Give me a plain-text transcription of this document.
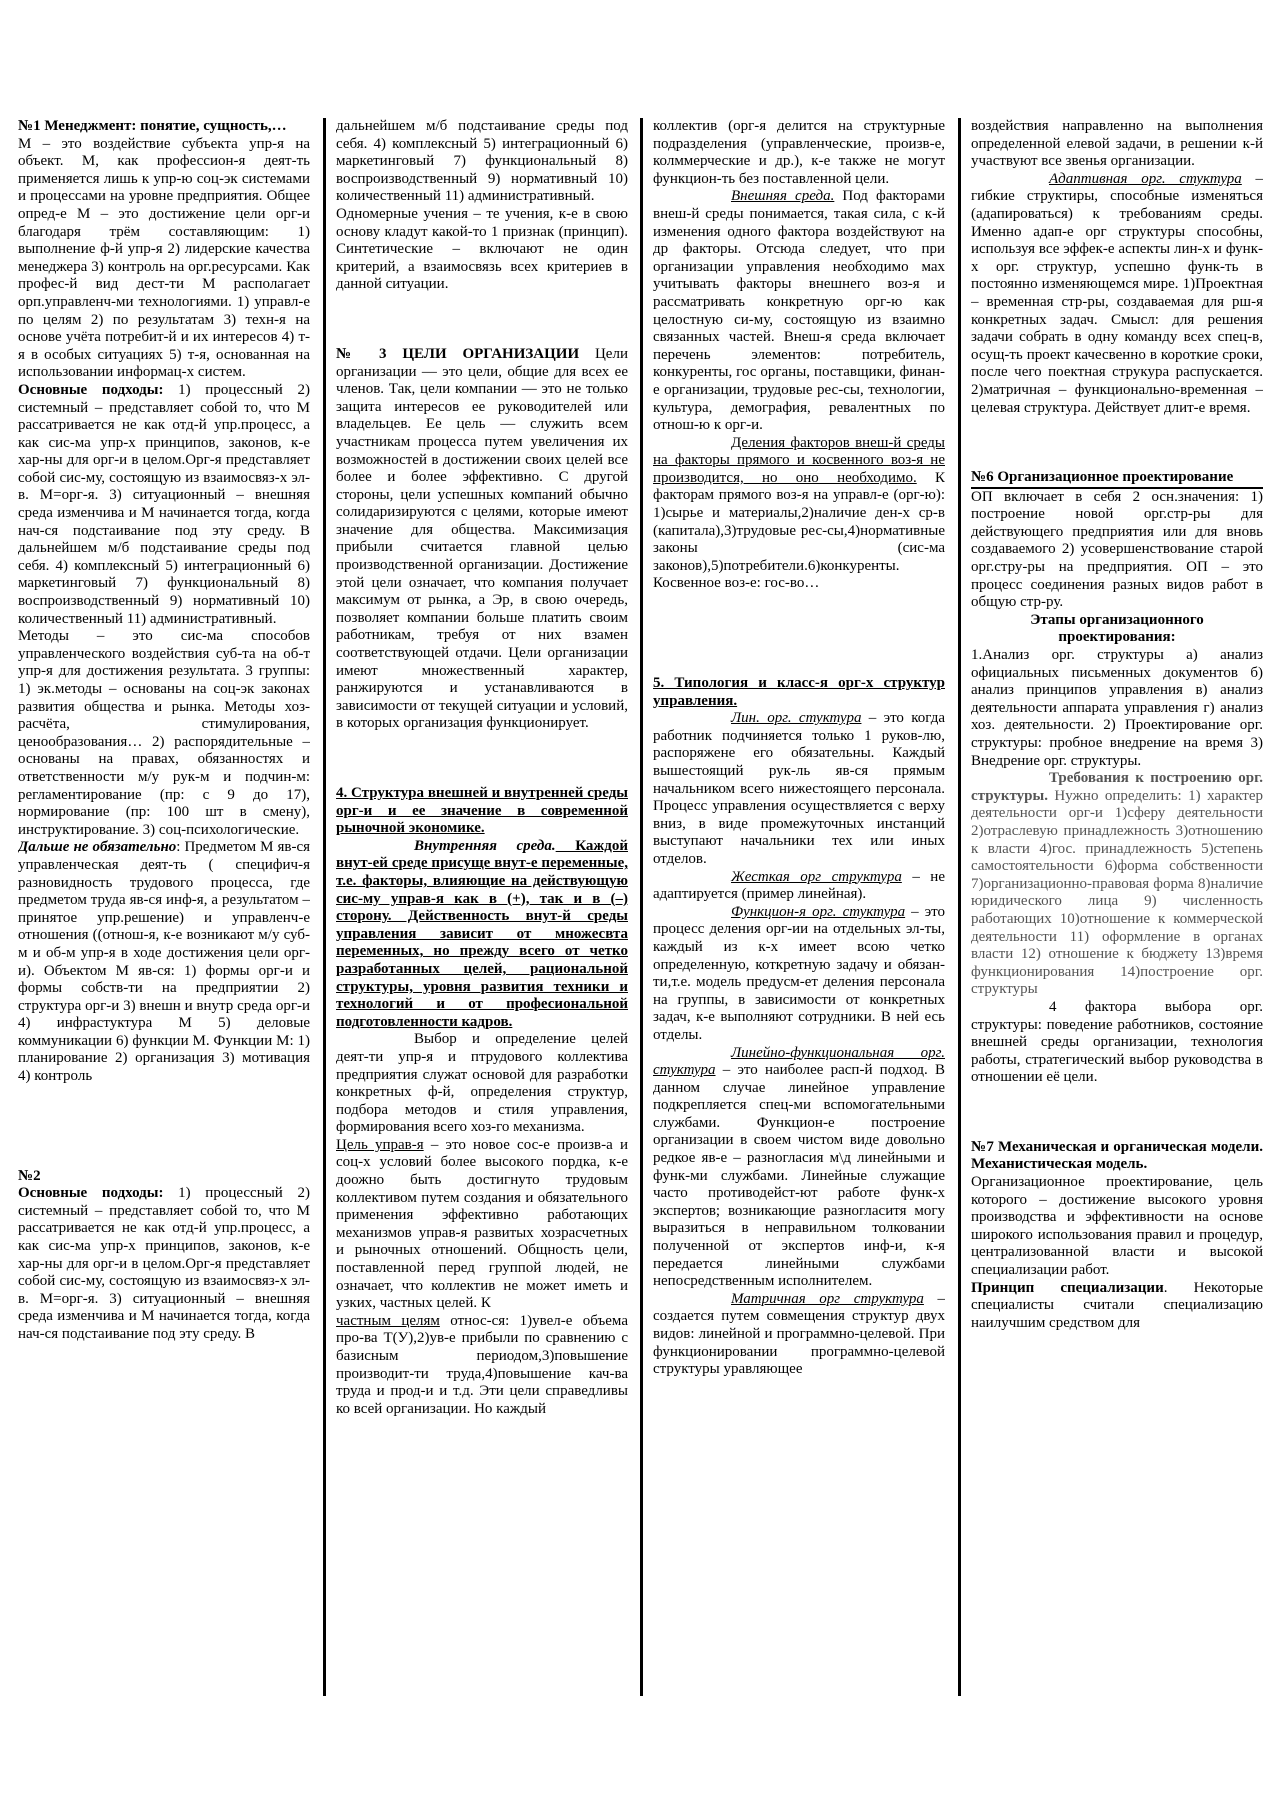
№1 Менеджмент: понятие, сущность,…

М – это воздействие субъекта упр-я на объект. М, как профессион-я деят-ть применяется лишь к упр-ю соц-эк системами и процессами на уровне предприятия. Общее опред-е М – это достижение цели орг-и благодаря трём составляющим: 1) выполнение ф-й упр-я 2) лидерские качества менеджера 3) контроль на орг.ресурсами. Как профес-й вид дест-ти М располагает орп.управленч-ми технологиями. 1) управл-е по целям 2) по результатам 3) техн-я на основе учёта потребит-й и их интересов 4) т-я в особых ситуациях 5) т-я, основанная на использовании информац-х систем.

Основные подходы: 1) процессный 2) системный – представляет собой то, что М рассатривается не как отд-й упр.процесс, а как сис-ма упр-х принципов, законов, к-е хар-ны для орг-и в целом.Орг-я представляет собой сис-му, состоящую из взаимосвяз-х эл-в. М=орг-я. 3) ситуационный – внешняя среда изменчива и М начинается тогда, когда нач-ся подстаивание под эту среду. В дальнейшем м/б подстаивание среды под себя. 4) комплексный 5) интеграционный 6) маркетинговый 7) функциональный 8) воспроизводственный 9) нормативный 10) количественный 11) административный.

Методы – это сис-ма способов управленческого воздействия суб-та на об-т упр-я для достижения результата. 3 группы: 1) эк.методы – основаны на соц-эк законах развития общества и рынка. Методы хоз-расчёта, стимулирования, ценообразования… 2) распорядительные – основаны на правах, обязанностях и ответственности м/у рук-м и подчин-м: регламентирование (пр: с 9 до 17), нормирование (пр: 100 шт в смену), инструктирование. 3) соц-психологические.

Дальше не обязательно: Предметом М яв-ся управленческая деят-ть ( специфич-я разновидность трудового процесса, где предметом труда яв-ся инф-я, а результатом – принятое упр.решение) и управленч-е отношения ((отнош-я, к-е возникают м/у суб-м и об-м упр-я в ходе достижения цели орг-и). Объектом М яв-ся: 1) формы орг-и и формы собств-ти на предприятии 2) структура орг-и 3) внешн и внутр среда орг-и 4) инфрастуктура М 5) деловые коммуникации 6) функции М. Функции М: 1) планирование 2) организация 3) мотивация 4) контроль

№2

Основные подходы: 1) процессный 2) системный – представляет собой то, что М рассатривается не как отд-й упр.процесс, а как сис-ма упр-х принципов, законов, к-е хар-ны для орг-и в целом.Орг-я представляет собой сис-му, состоящую из взаимосвяз-х эл-в. М=орг-я. 3) ситуационный – внешняя среда изменчива и М начинается тогда, когда нач-ся подстаивание под эту среду. В

дальнейшем м/б подстаивание среды под себя. 4) комплексный 5) интеграционный 6) маркетинговый 7) функциональный 8) воспроизводственный 9) нормативный 10) количественный 11) административный.

Одномерные учения – те учения, к-е в свою основу кладут какой-то 1 признак (принцип). Синтетические – включают не один критерий, а взаимосвязь всех критериев в данной ситуации.

№ 3 ЦЕЛИ ОРГАНИЗАЦИИ Цели организации — это цели, общие для всех ее членов. Так, цели компании — это не только защита интересов ее руководителей или владельцев. Ее цель — служить всем участникам процесса путем увеличения их возможностей в достижении своих целей все более и более эффективно. С другой стороны, цели успешных компаний обычно солидаризируются с целями, которые имеют значение для общества. Максимизация прибыли считается главной целью производственной организации. Достижение этой цели означает, что компания получает максимум от рынка, а Эр, в свою очередь, позволяет компании больше платить своим работникам, требуя от них взамен соответствующей отдачи. Цели организации имеют множественный характер, ранжируются и устанавливаются в зависимости от текущей ситуации и условий, в которых организация функционирует.

4. Структура внешней и внутренней среды орг-и и ее значение в современной рыночной экономике.

Внутренняя среда. Каждой внут-ей среде присуще внут-е переменные, т.е. факторы, влияющие на действующую сис-му управ-я как в (+), так и в (–) сторону. Действенность внут-й среды управления зависит от множесвта переменных, но прежду всего от четко разработанных целей, рациональной структуры, уровня развития техники и технологий и от професиональной подготовленности кадров.

Выбор и определение целей деят-ти упр-я и птрудового коллектива предприятия служат основой для разработки конкретных ф-й, определения структур, подбора методов и стиля управления, формирования всего хоз-го механизма.

Цель управ-я – это новое сос-е произв-а и соц-х условий более высокого пордка, к-е доожно быть достигнуто трудовым коллективом путем создания и обязательного применения эффективно работающих механизмов управ-я развитых хозрасчетных и рыночных отношений. Общность цели, поставленной перед группой людей, не означает, что коллектив не может иметь и узких, частных целей. К

частным целям относ-ся: 1)увел-е объема про-ва Т(У),2)ув-е прибыли по сравнению с базисным периодом,3)повышение производит-ти труда,4)повышение кач-ва труда и прод-и и т.д. Эти цели справедливы ко всей организации. Но каждый

коллектив (орг-я делится на структурные подразделения (управленческие, произв-е, колммерческие и др.), к-е также не могут функцион-ть без поставленной цели.

Внешняя среда. Под факторами внеш-й среды понимается, такая сила, с к-й изменения одного фактора воздействуют на др факторы. Отсюда следует, что при организации управления необходимо мах учитывать факторы внешнего воз-я и рассматривать конкретную орг-ю как целостную си-му, состоящую из взаимно связанных частей. Внеш-я среда включает перечень элементов: потребитель, конкуренты, гос органы, поставщики, финан-е организации, трудовые рес-сы, технологии, культура, демография, ревалентных по отнош-ю к орг-и.

Деления факторов внеш-й среды на факторы прямого и косвенного воз-я не производится, но оно необходимо. К факторам прямого воз-я на управл-е (орг-ю): 1)сырье и материалы,2)наличие ден-х ср-в (капитала),3)трудовые рес-сы,4)нормативные законы (сис-ма законов),5)потребители.6)конкуренты. Косвенное воз-е: гос-во…

5. Типология и класс-я орг-х структур управления.

Лин. орг. стуктура – это когда работник подчиняется только 1 руков-лю, распоряжене его обязательны. Каждый вышестоящий рук-ль яв-ся прямым начальником всего нижестоящего персонала. Процесс управления осуществляется с верху вниз, в виде промежуточных инстанций выступают начальники тех или иных отделов.

Жесткая орг структура – не адаптируется (пример линейная).

Функцион-я орг. стуктура – это процесс деления орг-ии на отдельных эл-ты, каждый из к-х имеет всою четко определенную, коткретную задачу и обязан-ти,т.е. модель предусм-ет деления персонала на группы, в зависимости от конкретных задач, к-е выполняют сотрудники. В ней есь отделы.

Линейно-функциональная орг. стуктура – это наиболее расп-й подход. В данном случае линейное управление подкрепляется спец-ми вспомогательными службами. Функцион-е построение организации в своем чистом виде довольно редкое яв-е – разногласия м\д линейными и функ-ми службами. Линейные служащие часто противодейст-ют работе функ-х экспертов; возникающие разногласитя могу выразиться в неправильном толковании полученной от экспертов инф-и, к-я передается линейными службами непосредственным исполнителем.

Матричная орг структура – создается путем совмещения структур двух видов: линейной и программно-целевой. При функционировании программно-целевой структуры уравляющее

воздействия направленно на выполнения определенной елевой задачи, в решении к-й участвуют все звенья организации.

Адаптивная орг. стуктура – гибкие структиры, способные изменяться (адапироваться) к требованиям среды. Именно адап-е орг структуры способны, используя все эффек-е аспекты лин-х и функ-х орг. структур, успешно функ-ть в постоянно изменяющемся мире. 1)Проектная – временная стр-ры, создаваемая для рш-я конкретных задач. Смысл: для решения задачи собрать в одну команду всех спец-в, осущ-ть проект качесвенно в короткие сроки, после чего поектная струкура распускается. 2)матричная – функционально-временная – целевая структура. Действует длит-е время.

№6 Организационное проектирование

ОП включает в себя 2 осн.значения: 1) построение новой орг.стр-ры для действующего предприятия или для вновь создаваемого 2) усовершенствование старой орг.стру-ры на предприятия. ОП – это процесс соединения разных видов работ в общую стр-ру.

Этапы организационного проектирования:

1.Анализ орг. структуры а) анализ официальных письменных документов б) анализ принципов управления в) анализ деятельности аппарата управления г) анализ хоз. деятельности. 2) Проектирование орг. структуры: пробное внедрение на время 3) Внедрение орг. структуры.

Требования к построению орг. структуры. Нужно определить: 1) характер деятельности орг-и 1)сферу деятельности 2)отраслевую принадлежность 3)отношению к власти 4)гос. принадлежность 5)степень самостоятельности 6)форма собственности 7)организационно-правовая форма 8)наличие юридического лица 9) численность работающих 10)отношение к коммерческой деятельности 11) оформление в органах власти 12) отношение к бюджету 13)время функционирования 14)построение орг. структуры

4 фактора выбора орг. структуры: поведение работников, состояние внешней среды организации, технология работы, стратегический выбор руководства в отношении её цели.

№7 Механическая и органическая модели. Механистическая модель.

Организационное проектирование, цель которого – достижение высокого уровня производства и эффективности на основе широкого использования правил и процедур, централизованной власти и высокой специализации работ.

Принцип специализации. Некоторые специалисты считали специализацию наилучшим средством для
